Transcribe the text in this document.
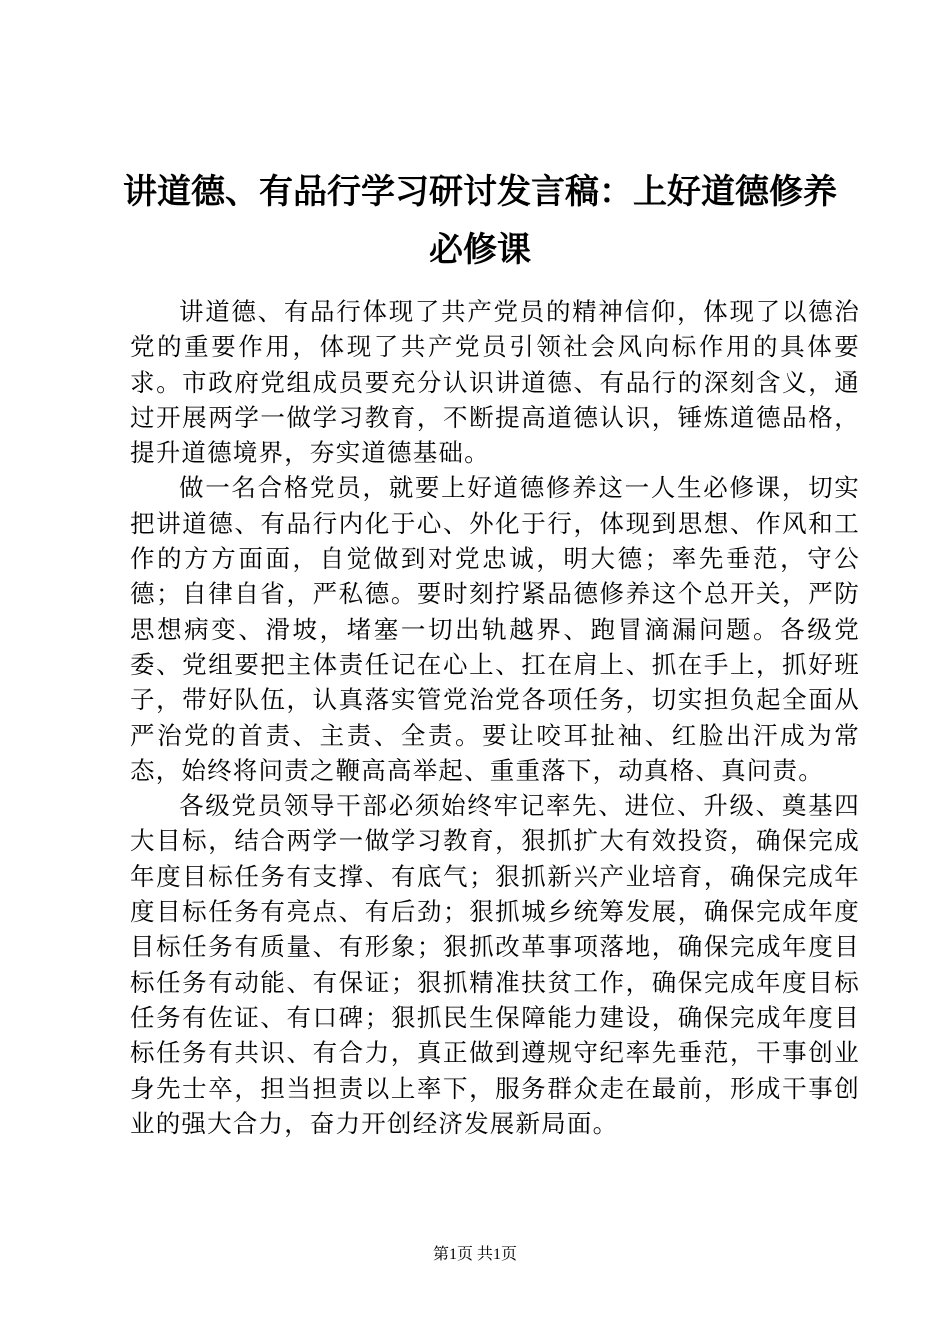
讲道德、有品行学习研讨发言稿：上好道德修养必修课

讲道德、有品行体现了共产党员的精神信仰，体现了以德治党的重要作用，体现了共产党员引领社会风向标作用的具体要求。市政府党组成员要充分认识讲道德、有品行的深刻含义，通过开展两学一做学习教育，不断提高道德认识，锤炼道德品格，提升道德境界，夯实道德基础。

做一名合格党员，就要上好道德修养这一人生必修课，切实把讲道德、有品行内化于心、外化于行，体现到思想、作风和工作的方方面面，自觉做到对党忠诚，明大德；率先垂范，守公德；自律自省，严私德。要时刻拧紧品德修养这个总开关，严防思想病变、滑坡，堵塞一切出轨越界、跑冒滴漏问题。各级党委、党组要把主体责任记在心上、扛在肩上、抓在手上，抓好班子，带好队伍，认真落实管党治党各项任务，切实担负起全面从严治党的首责、主责、全责。要让咬耳扯袖、红脸出汗成为常态，始终将问责之鞭高高举起、重重落下，动真格、真问责。

各级党员领导干部必须始终牢记率先、进位、升级、奠基四大目标，结合两学一做学习教育，狠抓扩大有效投资，确保完成年度目标任务有支撑、有底气；狠抓新兴产业培育，确保完成年度目标任务有亮点、有后劲；狠抓城乡统筹发展，确保完成年度目标任务有质量、有形象；狠抓改革事项落地，确保完成年度目标任务有动能、有保证；狠抓精准扶贫工作，确保完成年度目标任务有佐证、有口碑；狠抓民生保障能力建设，确保完成年度目标任务有共识、有合力，真正做到遵规守纪率先垂范，干事创业身先士卒，担当担责以上率下，服务群众走在最前，形成干事创业的强大合力，奋力开创经济发展新局面。

第1页 共1页
